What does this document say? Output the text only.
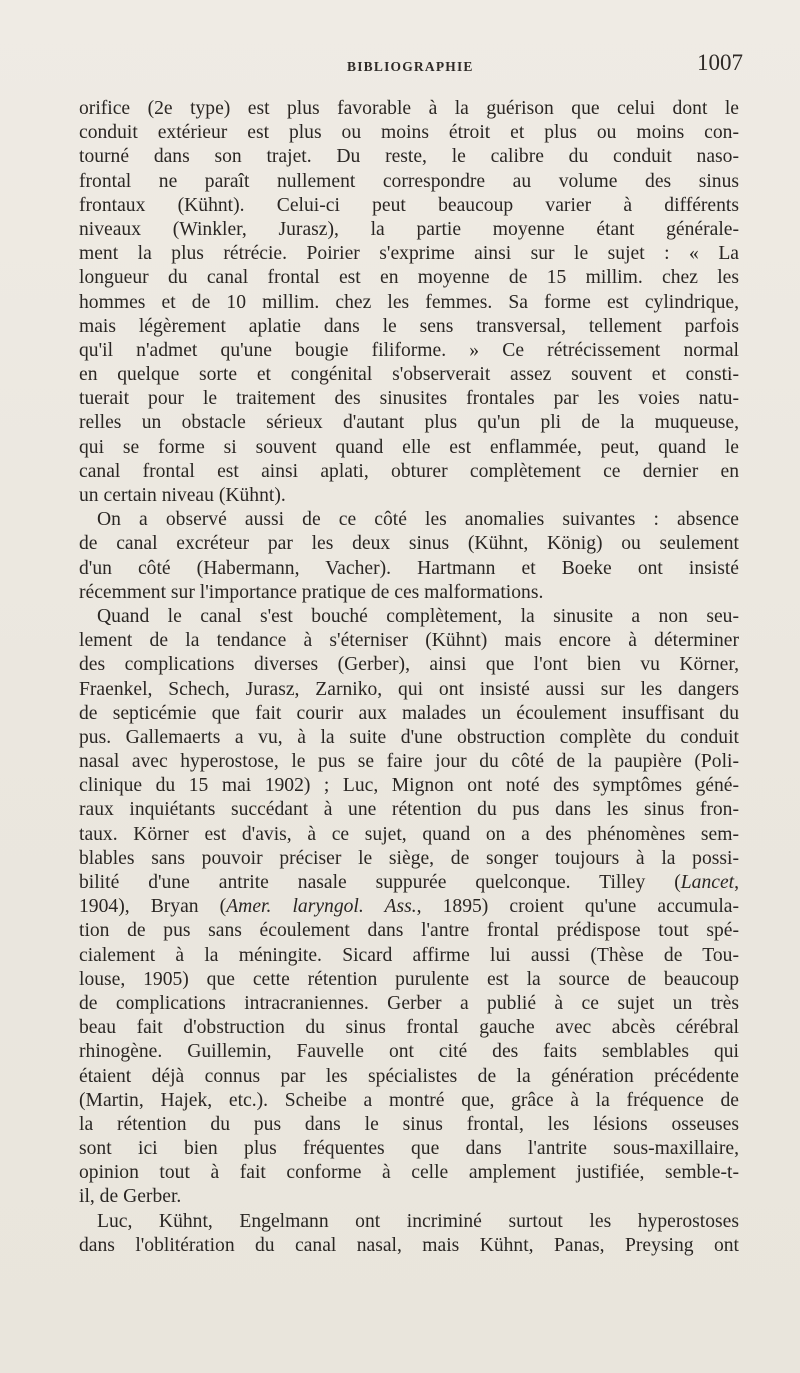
BIBLIOGRAPHIE	1007
orifice (2e type) est plus favorable à la guérison que celui dont le
conduit extérieur est plus ou moins étroit et plus ou moins con-
tourné dans son trajet. Du reste, le calibre du conduit naso-
frontal ne paraît nullement correspondre au volume des sinus
frontaux (Kühnt). Celui-ci peut beaucoup varier à différents
niveaux (Winkler, Jurasz), la partie moyenne étant générale-
ment la plus rétrécie. Poirier s'exprime ainsi sur le sujet : « La
longueur du canal frontal est en moyenne de 15 millim. chez les
hommes et de 10 millim. chez les femmes. Sa forme est cylindrique,
mais légèrement aplatie dans le sens transversal, tellement parfois
qu'il n'admet qu'une bougie filiforme. » Ce rétrécissement normal
en quelque sorte et congénital s'observerait assez souvent et consti-
tuerait pour le traitement des sinusites frontales par les voies natu-
relles un obstacle sérieux d'autant plus qu'un pli de la muqueuse,
qui se forme si souvent quand elle est enflammée, peut, quand le
canal frontal est ainsi aplati, obturer complètement ce dernier en
un certain niveau (Kühnt).
On a observé aussi de ce côté les anomalies suivantes : absence
de canal excréteur par les deux sinus (Kühnt, König) ou seulement
d'un côté (Habermann, Vacher). Hartmann et Boeke ont insisté
récemment sur l'importance pratique de ces malformations.
Quand le canal s'est bouché complètement, la sinusite a non seu-
lement de la tendance à s'éterniser (Kühnt) mais encore à déterminer
des complications diverses (Gerber), ainsi que l'ont bien vu Körner,
Fraenkel, Schech, Jurasz, Zarniko, qui ont insisté aussi sur les dangers
de septicémie que fait courir aux malades un écoulement insuffisant du
pus. Gallemaerts a vu, à la suite d'une obstruction complète du conduit
nasal avec hyperostose, le pus se faire jour du côté de la paupière (Poli-
clinique du 15 mai 1902) ; Luc, Mignon ont noté des symptômes géné-
raux inquiétants succédant à une rétention du pus dans les sinus fron-
taux. Körner est d'avis, à ce sujet, quand on a des phénomènes sem-
blables sans pouvoir préciser le siège, de songer toujours à la possi-
bilité d'une antrite nasale suppurée quelconque. Tilley (Lancet,
1904), Bryan (Amer. laryngol. Ass., 1895) croient qu'une accumula-
tion de pus sans écoulement dans l'antre frontal prédispose tout spé-
cialement à la méningite. Sicard affirme lui aussi (Thèse de Tou-
louse, 1905) que cette rétention purulente est la source de beaucoup
de complications intracraniennes. Gerber a publié à ce sujet un très
beau fait d'obstruction du sinus frontal gauche avec abcès cérébral
rhinogène. Guillemin, Fauvelle ont cité des faits semblables qui
étaient déjà connus par les spécialistes de la génération précédente
(Martin, Hajek, etc.). Scheibe a montré que, grâce à la fréquence de
la rétention du pus dans le sinus frontal, les lésions osseuses
sont ici bien plus fréquentes que dans l'antrite sous-maxillaire,
opinion tout à fait conforme à celle amplement justifiée, semble-t-
il, de Gerber.
Luc, Kühnt, Engelmann ont incriminé surtout les hyperostoses
dans l'oblitération du canal nasal, mais Kühnt, Panas, Preysing ont
